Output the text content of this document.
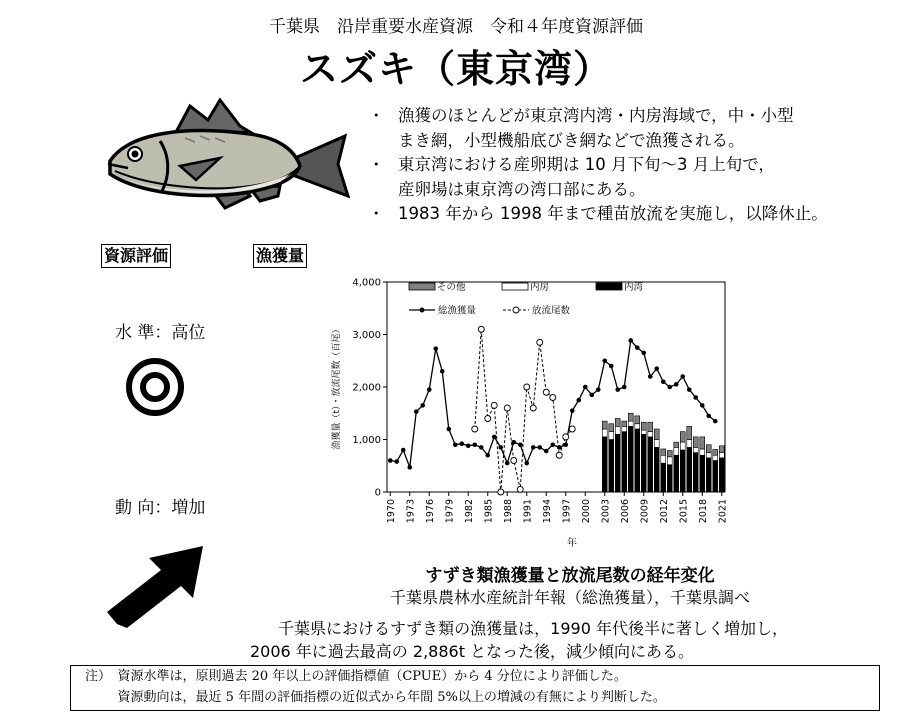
千葉県　沿岸重要水産資源　令和４年度資源評価
スズキ（東京湾）
・ 漁獲のほとんどが東京湾内湾・内房海域で，中・小型
まき網，小型機船底びき網などで漁獲される。
・ 東京湾における産卵期は 10 月下旬〜3 月上旬で，
産卵場は東京湾の湾口部にある。
・ 1983 年から 1998 年まで種苗放流を実施し，以降休止。
資源評価	漁獲量
水 準：高位
動 向：増加
漁獲量（t）・放流尾数（百尾）
1970 1973 1976 1979 1982 1985 1988 1991 1994 1997 2000 2003 2006 2009 2012 2015 2018 2021
0
1,000
2,000
3,000
4,000	その他	内房	内湾
総漁獲量	放流尾数
年
すずき類漁獲量と放流尾数の経年変化
千葉県農林水産統計年報（総漁獲量），千葉県調べ
千葉県におけるすずき類の漁獲量は，1990 年代後半に著しく増加し，
2006 年に過去最高の 2,886t となった後，減少傾向にある。
注）　 資源水準は，原則過去 20 年以上の評価指標値（CPUE）から 4 分位により評価した。
　資源動向は，最近 5 年間の評価指標の近似式から年間 5%以上の増減の有無により判断した。
